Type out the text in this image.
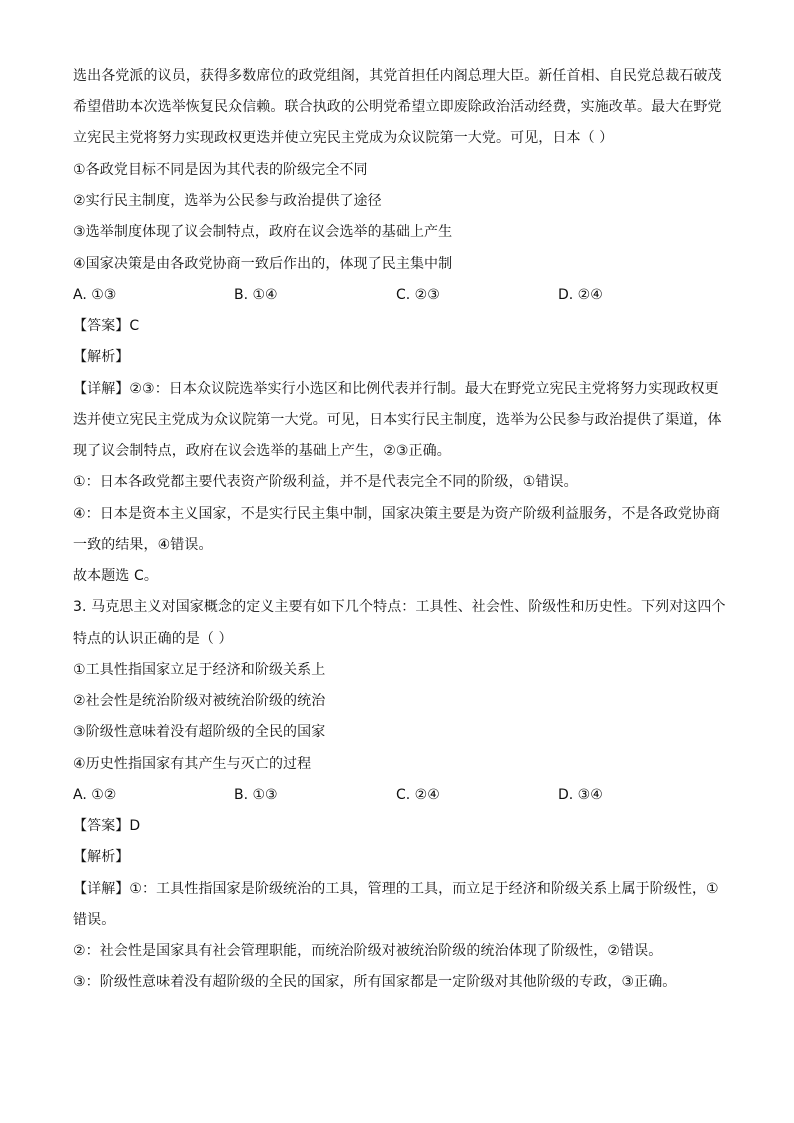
选出各党派的议员，获得多数席位的政党组阁，其党首担任内阁总理大臣。新任首相、自民党总裁石破茂
希望借助本次选举恢复民众信赖。联合执政的公明党希望立即废除政治活动经费，实施改革。最大在野党
立宪民主党将努力实现政权更迭并使立宪民主党成为众议院第一大党。可见，日本（ ）
①各政党目标不同是因为其代表的阶级完全不同
②实行民主制度，选举为公民参与政治提供了途径
③选举制度体现了议会制特点，政府在议会选举的基础上产生
④国家决策是由各政党协商一致后作出的，体现了民主集中制
A. ①③	B. ①④	C. ②③	D. ②④
【答案】C
【解析】
【详解】②③：日本众议院选举实行小选区和比例代表并行制。最大在野党立宪民主党将努力实现政权更
迭并使立宪民主党成为众议院第一大党。可见，日本实行民主制度，选举为公民参与政治提供了渠道，体
现了议会制特点，政府在议会选举的基础上产生，②③正确。
①：日本各政党都主要代表资产阶级利益，并不是代表完全不同的阶级，①错误。
④：日本是资本主义国家，不是实行民主集中制，国家决策主要是为资产阶级利益服务，不是各政党协商
一致的结果，④错误。
故本题选 C。
3. 马克思主义对国家概念的定义主要有如下几个特点：工具性、社会性、阶级性和历史性。下列对这四个
特点的认识正确的是（ ）
①工具性指国家立足于经济和阶级关系上
②社会性是统治阶级对被统治阶级的统治
③阶级性意味着没有超阶级的全民的国家
④历史性指国家有其产生与灭亡的过程
A. ①②	B. ①③	C. ②④	D. ③④
【答案】D
【解析】
【详解】①：工具性指国家是阶级统治的工具，管理的工具，而立足于经济和阶级关系上属于阶级性，①
错误。
②：社会性是国家具有社会管理职能，而统治阶级对被统治阶级的统治体现了阶级性，②错误。
③：阶级性意味着没有超阶级的全民的国家，所有国家都是一定阶级对其他阶级的专政，③正确。
